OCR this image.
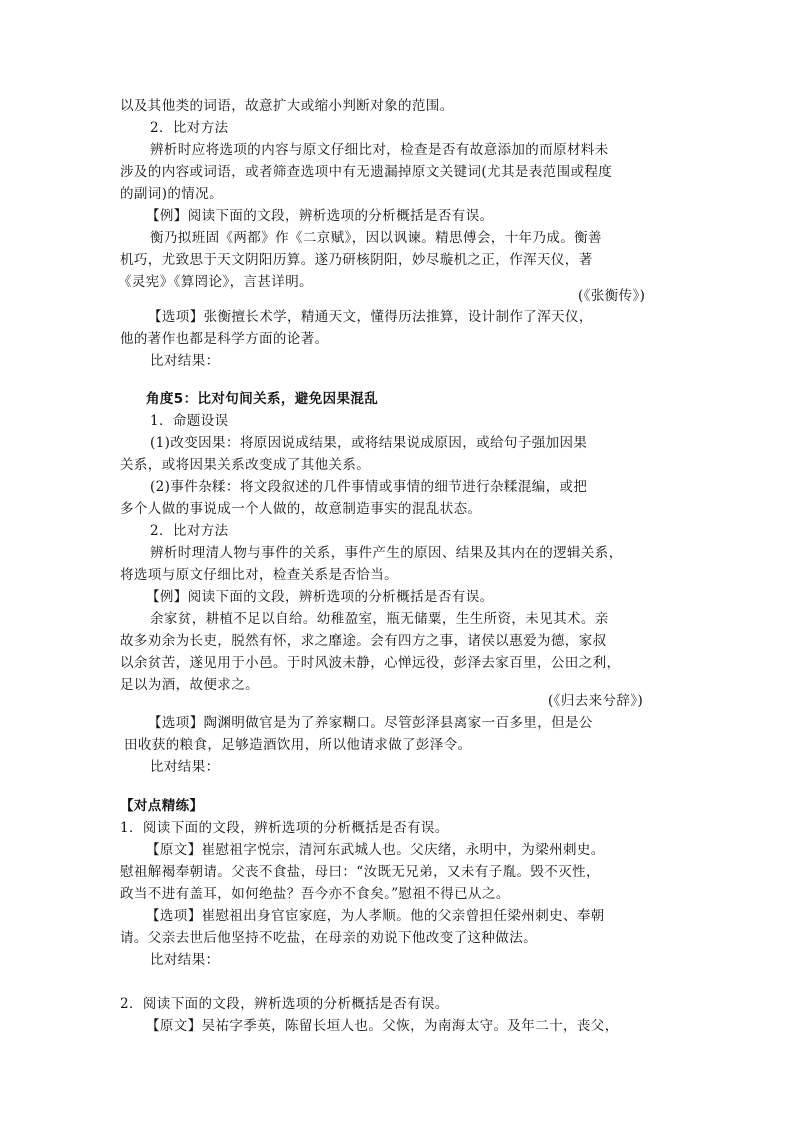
以及其他类的词语，故意扩大或缩小判断对象的范围。
2．比对方法
辨析时应将选项的内容与原文仔细比对，检查是否有故意添加的而原材料未
涉及的内容或词语，或者筛查选项中有无遗漏掉原文关键词(尤其是表范围或程度
的副词)的情况。
【例】阅读下面的文段，辨析选项的分析概括是否有误。
衡乃拟班固《两都》作《二京赋》，因以讽谏。精思傅会，十年乃成。衡善
机巧，尤致思于天文阴阳历算。遂乃研核阴阳，妙尽璇机之正，作浑天仪，著
《灵宪》《算罔论》，言甚详明。
(《张衡传》)
【选项】张衡擅长术学，精通天文，懂得历法推算，设计制作了浑天仪，
他的著作也都是科学方面的论著。
比对结果：
角度5：比对句间关系，避免因果混乱
1．命题设误
(1)改变因果：将原因说成结果，或将结果说成原因，或给句子强加因果
关系，或将因果关系改变成了其他关系。
(2)事件杂糅：将文段叙述的几件事情或事情的细节进行杂糅混编，或把
多个人做的事说成一个人做的，故意制造事实的混乱状态。
2．比对方法
辨析时理清人物与事件的关系，事件产生的原因、结果及其内在的逻辑关系，
将选项与原文仔细比对，检查关系是否恰当。
【例】阅读下面的文段，辨析选项的分析概括是否有误。
余家贫，耕植不足以自给。幼稚盈室，瓶无储粟，生生所资，未见其术。亲
故多劝余为长吏，脱然有怀，求之靡途。会有四方之事，诸侯以惠爱为德，家叔
以余贫苦，遂见用于小邑。于时风波未静，心惮远役，彭泽去家百里，公田之利，
足以为酒，故便求之。
(《归去来兮辞》)
【选项】陶渊明做官是为了养家糊口。尽管彭泽县离家一百多里，但是公
田收获的粮食，足够造酒饮用，所以他请求做了彭泽令。
比对结果：
【对点精练】
1．阅读下面的文段，辨析选项的分析概括是否有误。
【原文】崔慰祖字悦宗，清河东武城人也。父庆绪，永明中，为梁州刺史。
慰祖解褐奉朝请。父丧不食盐，母曰：“汝既无兄弟，又未有子胤。毁不灭性，
政当不进有盖耳，如何绝盐？吾今亦不食矣。”慰祖不得已从之。
【选项】崔慰祖出身官宦家庭，为人孝顺。他的父亲曾担任梁州刺史、奉朝
请。父亲去世后他坚持不吃盐，在母亲的劝说下他改变了这种做法。
比对结果：
2．阅读下面的文段，辨析选项的分析概括是否有误。
【原文】吴祐字季英，陈留长垣人也。父恢，为南海太守。及年二十，丧父，
